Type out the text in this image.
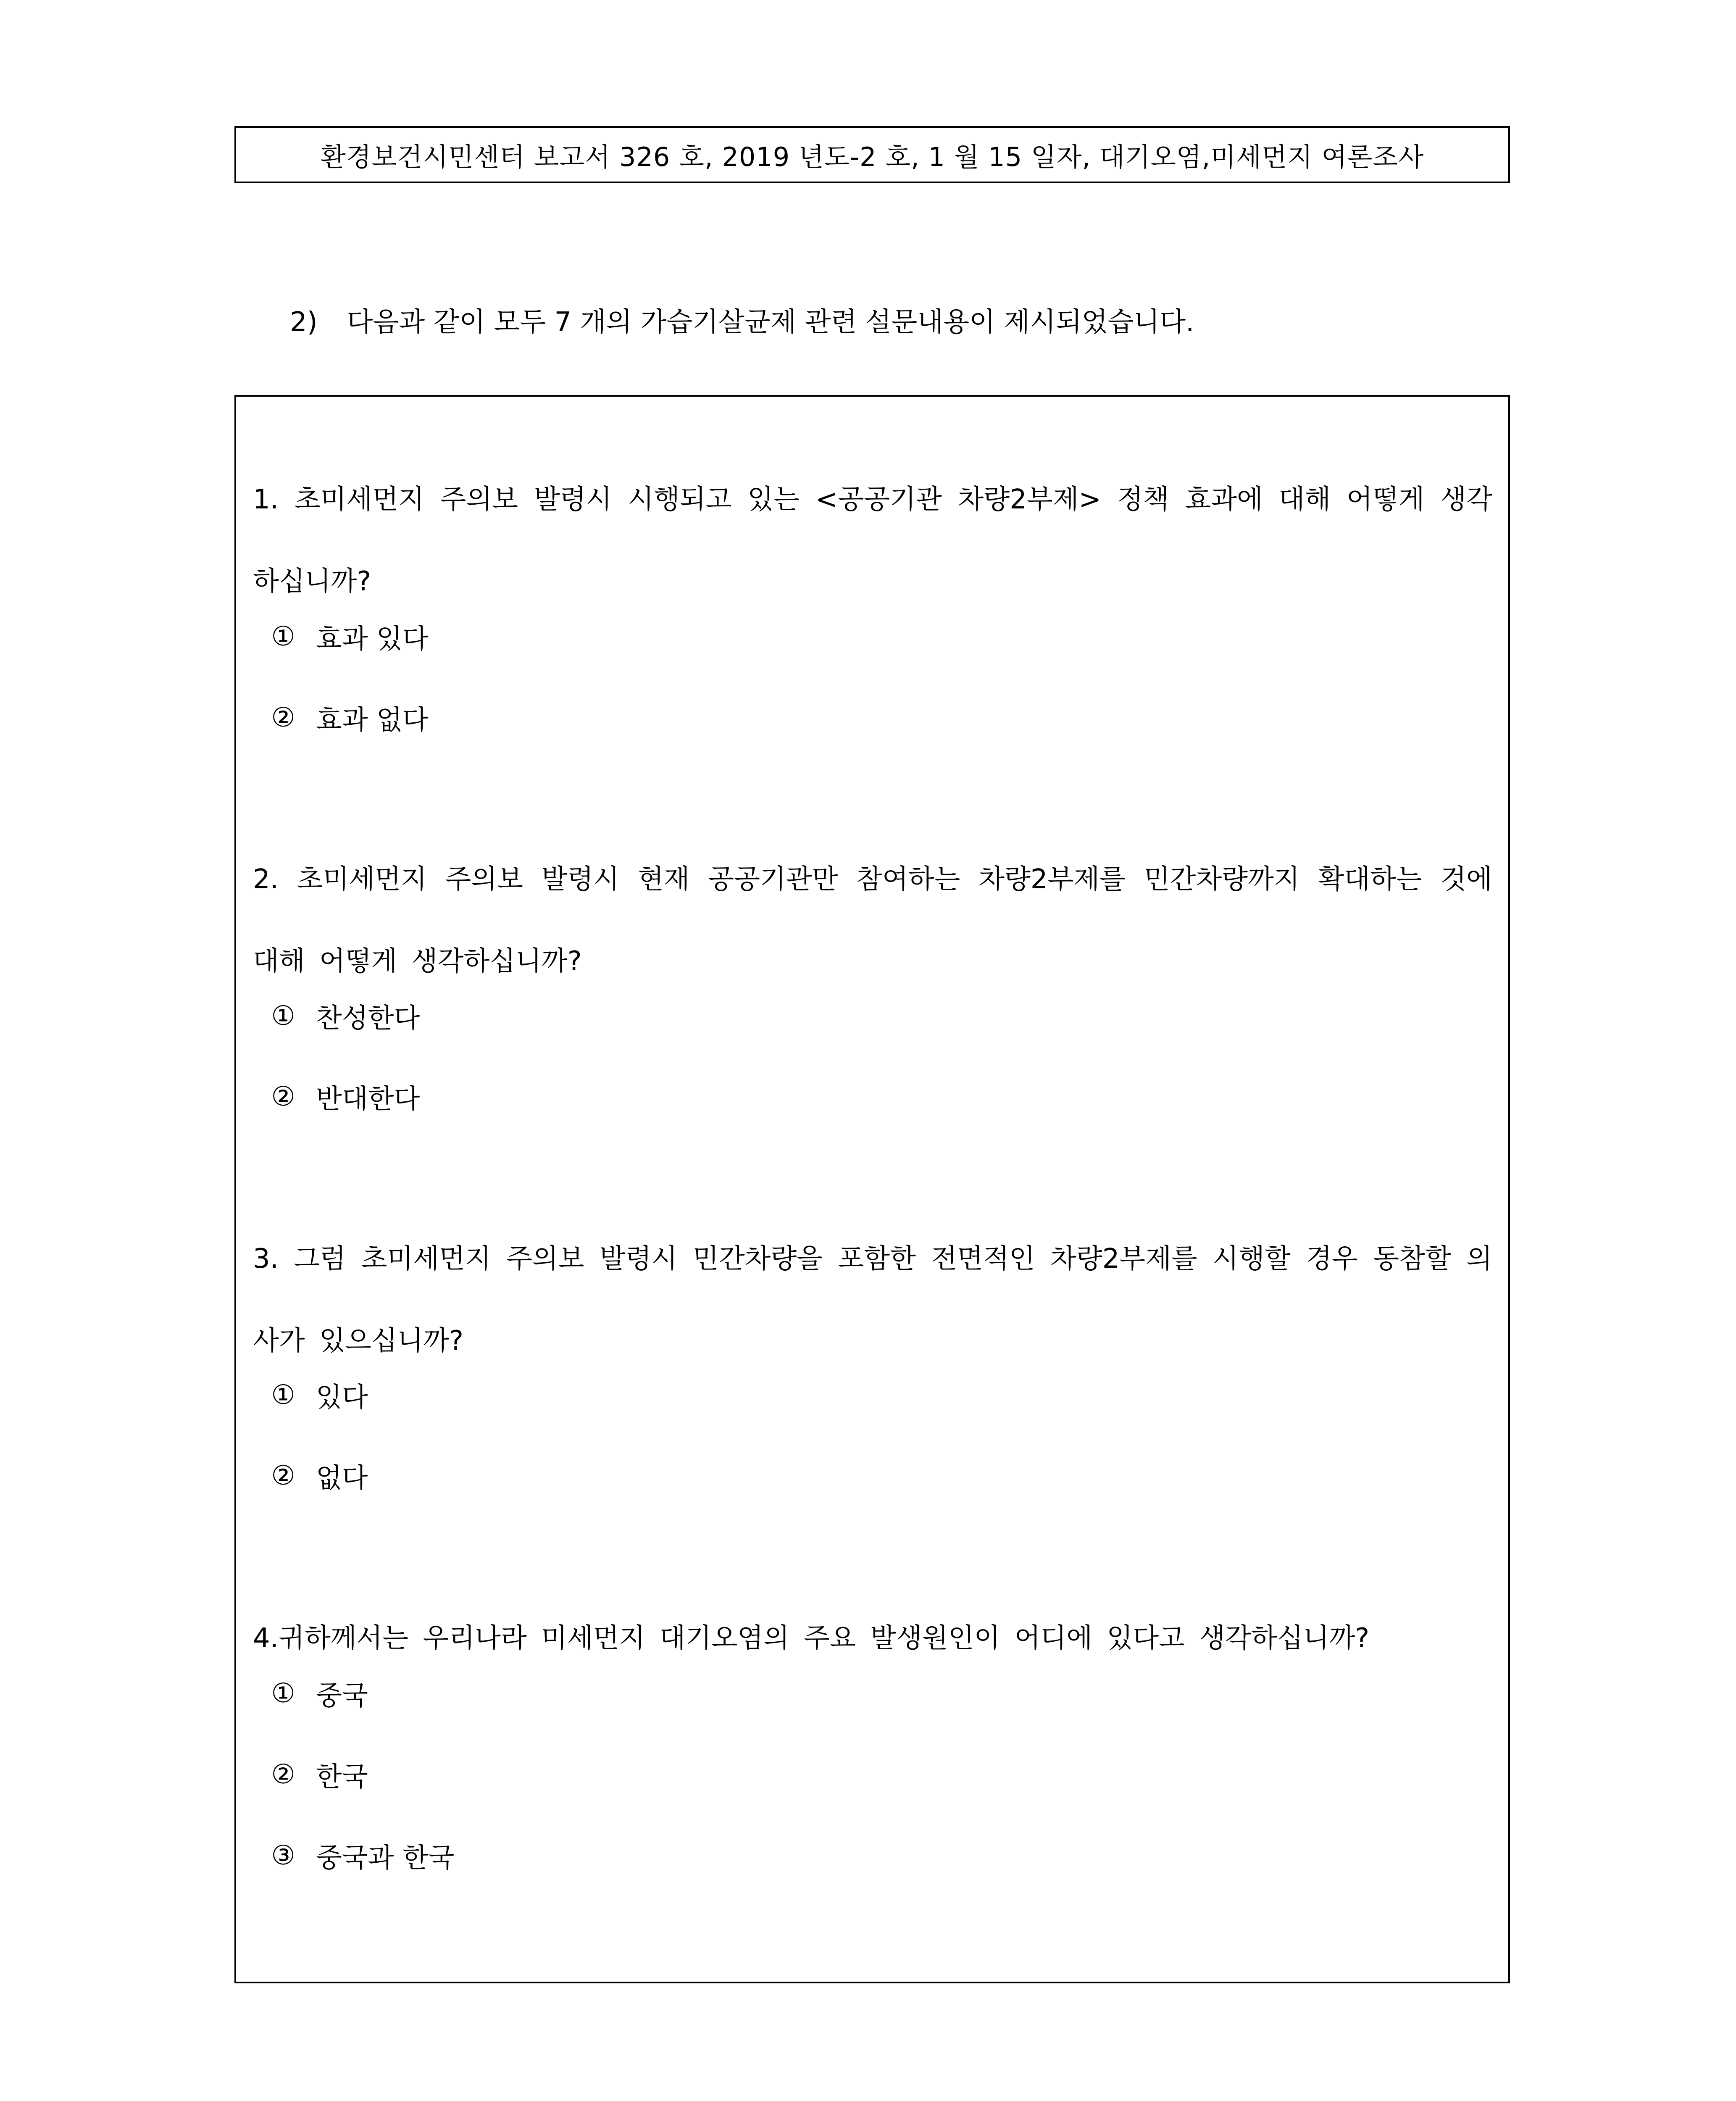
환경보건시민센터 보고서 326 호, 2019 년도-2 호, 1 월 15 일자, 대기오염,미세먼지 여론조사
2) 다음과 같이 모두 7 개의 가습기살균제 관련 설문내용이 제시되었습니다.
1. 초미세먼지 주의보 발령시 시행되고 있는 <공공기관 차량2부제> 정책 효과에 대해 어떻게 생각하십니까?
① 효과 있다
② 효과 없다
2. 초미세먼지 주의보 발령시 현재 공공기관만 참여하는 차량2부제를 민간차량까지 확대하는 것에 대해 어떻게 생각하십니까?
① 찬성한다
② 반대한다
3. 그럼 초미세먼지 주의보 발령시 민간차량을 포함한 전면적인 차량2부제를 시행할 경우 동참할 의사가 있으십니까?
① 있다
② 없다
4.귀하께서는 우리나라 미세먼지 대기오염의 주요 발생원인이 어디에 있다고 생각하십니까?
① 중국
② 한국
③ 중국과 한국
